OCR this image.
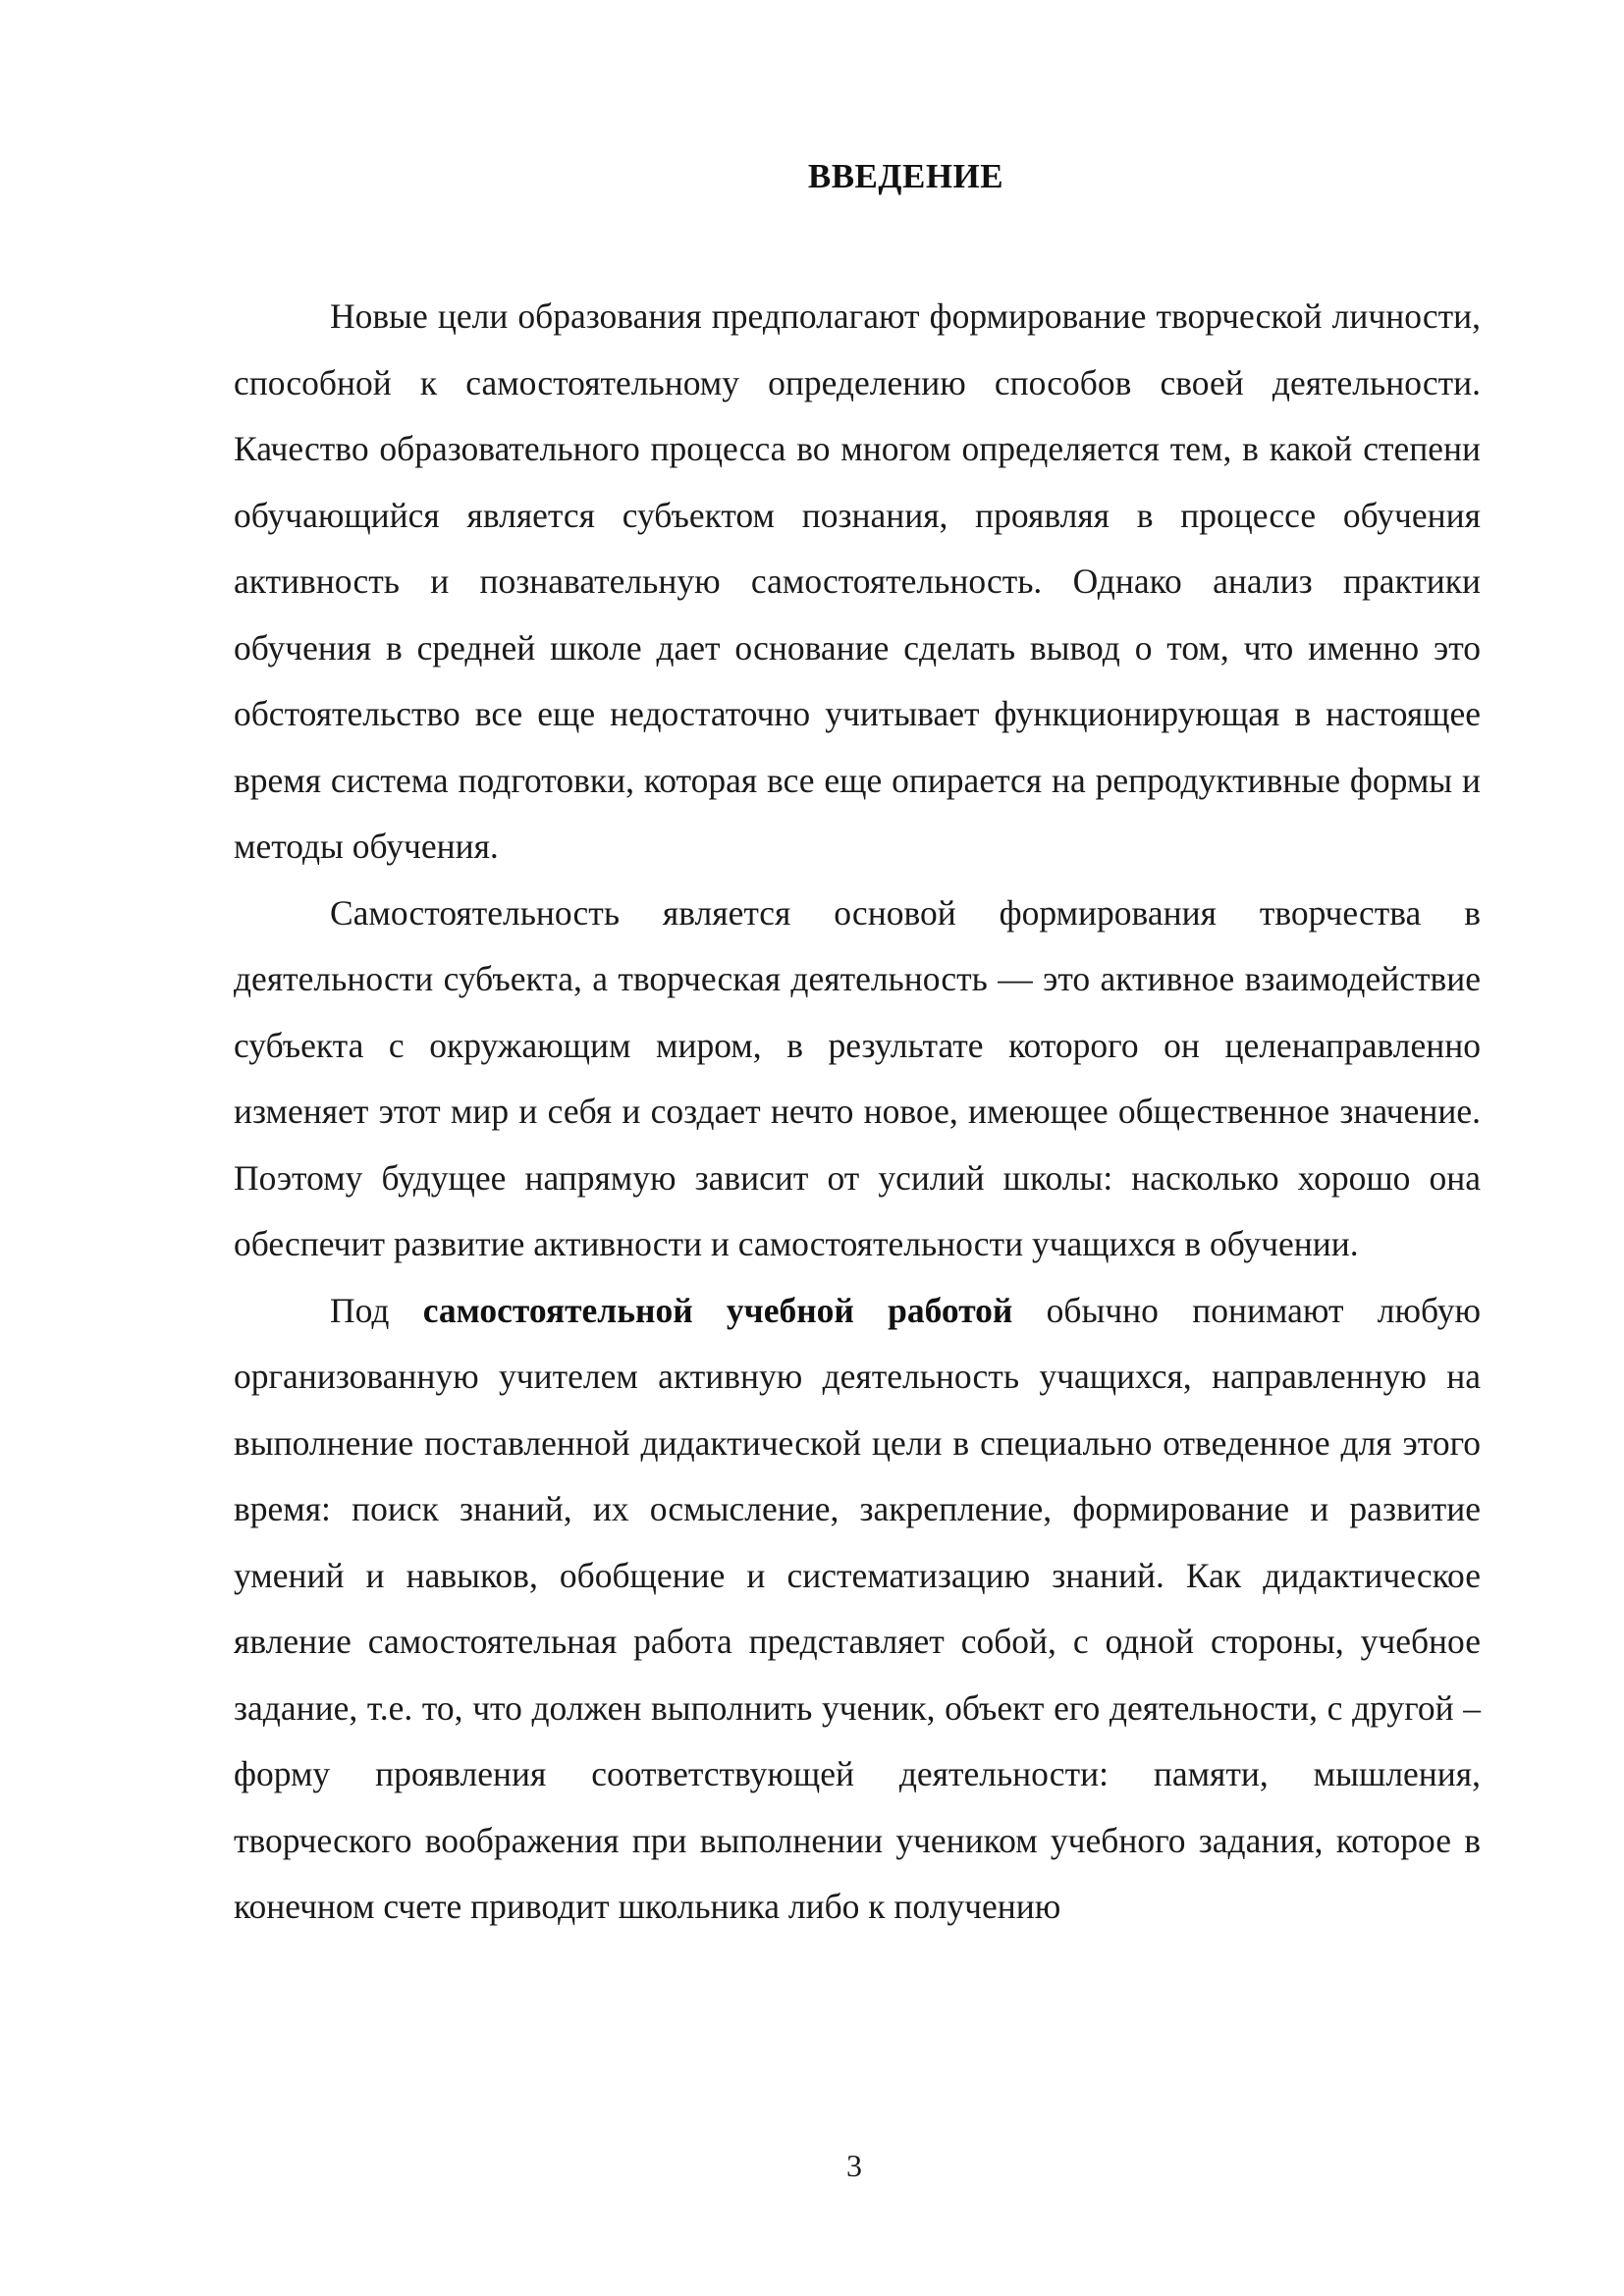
ВВЕДЕНИЕ

Новые цели образования предполагают формирование творческой личности, способной к самостоятельному определению способов своей деятельности. Качество образовательного процесса во многом определяется тем, в какой степени обучающийся является субъектом познания, проявляя в процессе обучения активность и познавательную самостоятельность. Однако анализ практики обучения в средней школе дает основание сделать вывод о том, что именно это обстоятельство все еще недостаточно учитывает функционирующая в настоящее время система подготовки, которая все еще опирается на репродуктивные формы и методы обучения.

Самостоятельность является основой формирования творчества в деятельности субъекта, а творческая деятельность — это активное взаимодействие субъекта с окружающим миром, в результате которого он целенаправленно изменяет этот мир и себя и создает нечто новое, имеющее общественное значение. Поэтому будущее напрямую зависит от усилий школы: насколько хорошо она обеспечит развитие активности и самостоятельности учащихся в обучении.

Под самостоятельной учебной работой обычно понимают любую организованную учителем активную деятельность учащихся, направленную на выполнение поставленной дидактической цели в специально отведенное для этого время: поиск знаний, их осмысление, закрепление, формирование и развитие умений и навыков, обобщение и систематизацию знаний. Как дидактическое явление самостоятельная работа представляет собой, с одной стороны, учебное задание, т.е. то, что должен выполнить ученик, объект его деятельности, с другой – форму проявления соответствующей деятельности: памяти, мышления, творческого воображения при выполнении учеником учебного задания, которое в конечном счете приводит школьника либо к получению

3
